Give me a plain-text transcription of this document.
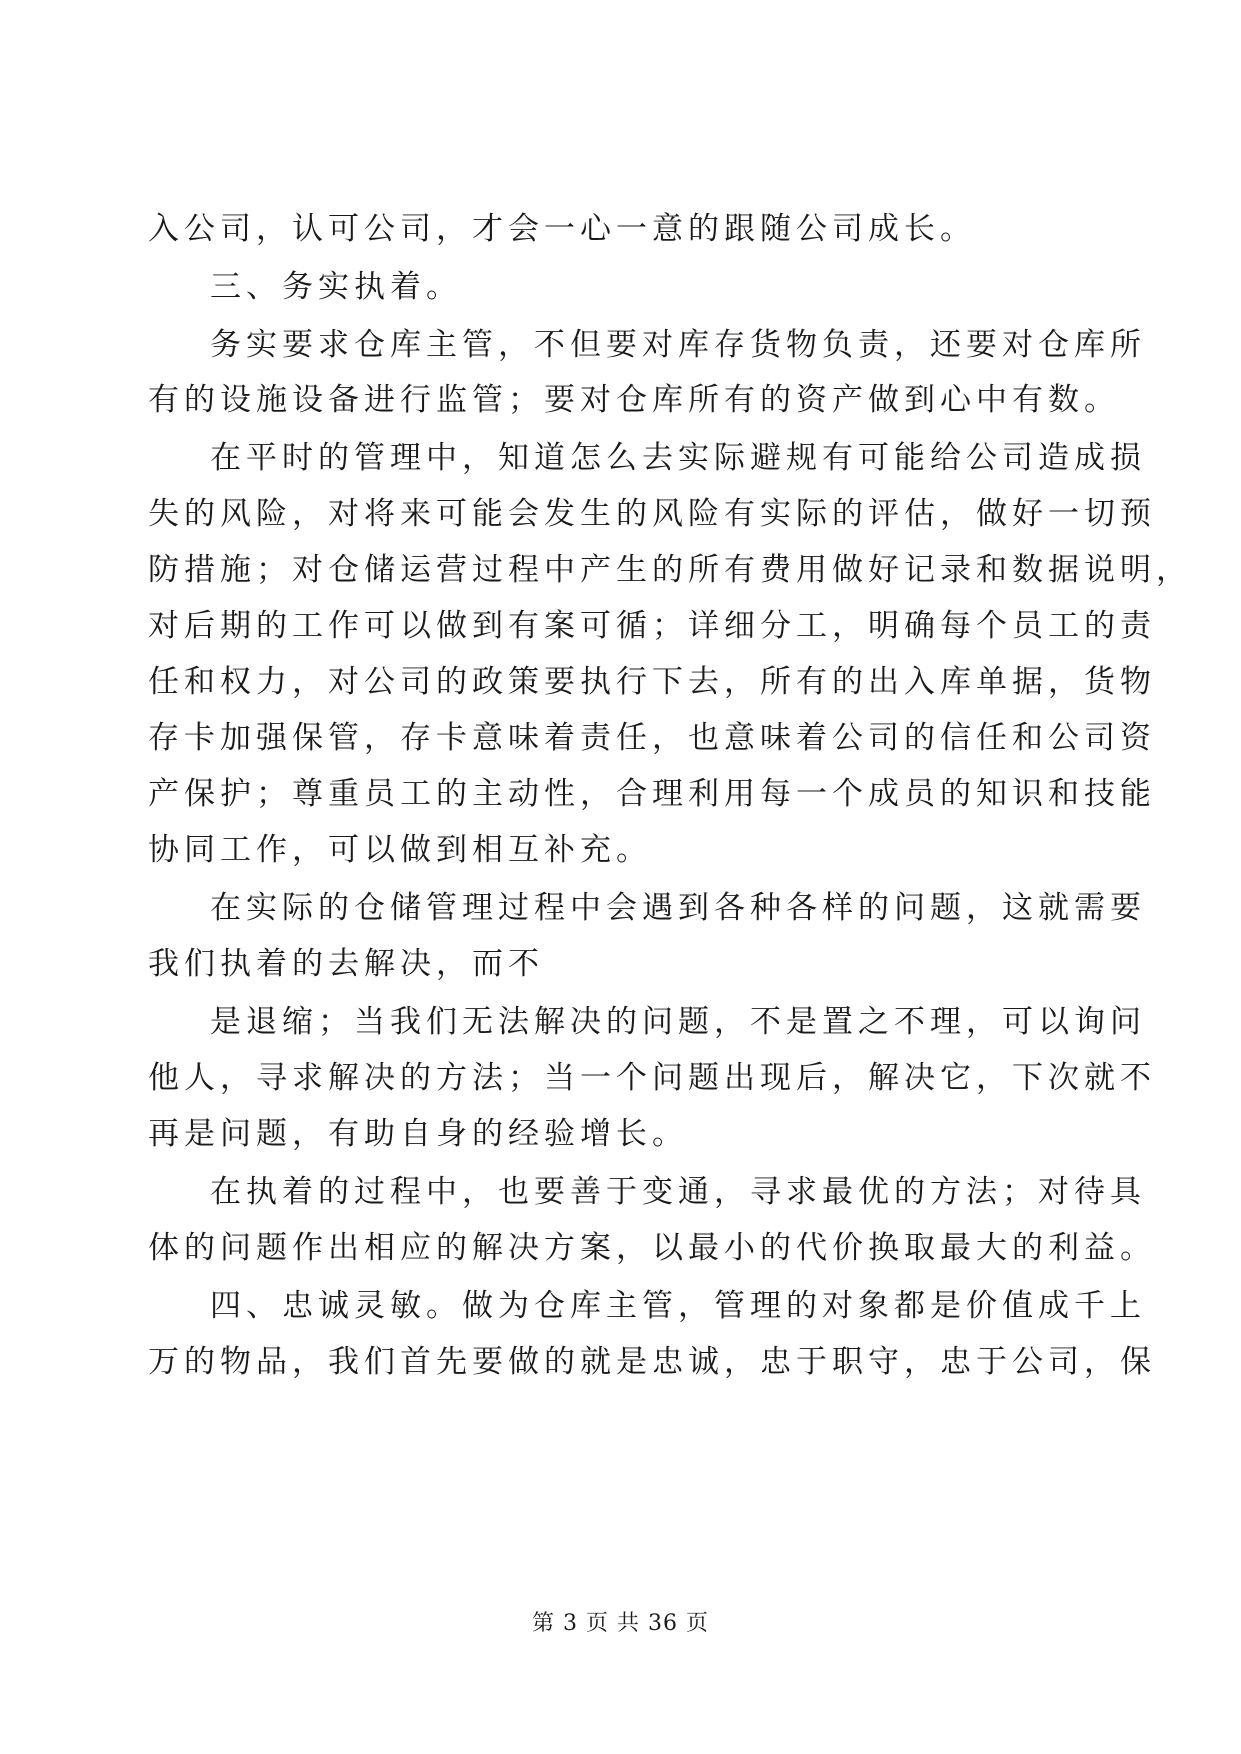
入公司，认可公司，才会一心一意的跟随公司成长。
三、务实执着。
务实要求仓库主管，不但要对库存货物负责，还要对仓库所
有的设施设备进行监管；要对仓库所有的资产做到心中有数。
在平时的管理中，知道怎么去实际避规有可能给公司造成损
失的风险，对将来可能会发生的风险有实际的评估，做好一切预
防措施；对仓储运营过程中产生的所有费用做好记录和数据说明，
对后期的工作可以做到有案可循；详细分工，明确每个员工的责
任和权力，对公司的政策要执行下去，所有的出入库单据，货物
存卡加强保管，存卡意味着责任，也意味着公司的信任和公司资
产保护；尊重员工的主动性，合理利用每一个成员的知识和技能
协同工作，可以做到相互补充。
在实际的仓储管理过程中会遇到各种各样的问题，这就需要
我们执着的去解决，而不
是退缩；当我们无法解决的问题，不是置之不理，可以询问
他人，寻求解决的方法；当一个问题出现后，解决它，下次就不
再是问题，有助自身的经验增长。
在执着的过程中，也要善于变通，寻求最优的方法；对待具
体的问题作出相应的解决方案，以最小的代价换取最大的利益。
四、忠诚灵敏。做为仓库主管，管理的对象都是价值成千上
万的物品，我们首先要做的就是忠诚，忠于职守，忠于公司，保
第 3 页 共 36 页
